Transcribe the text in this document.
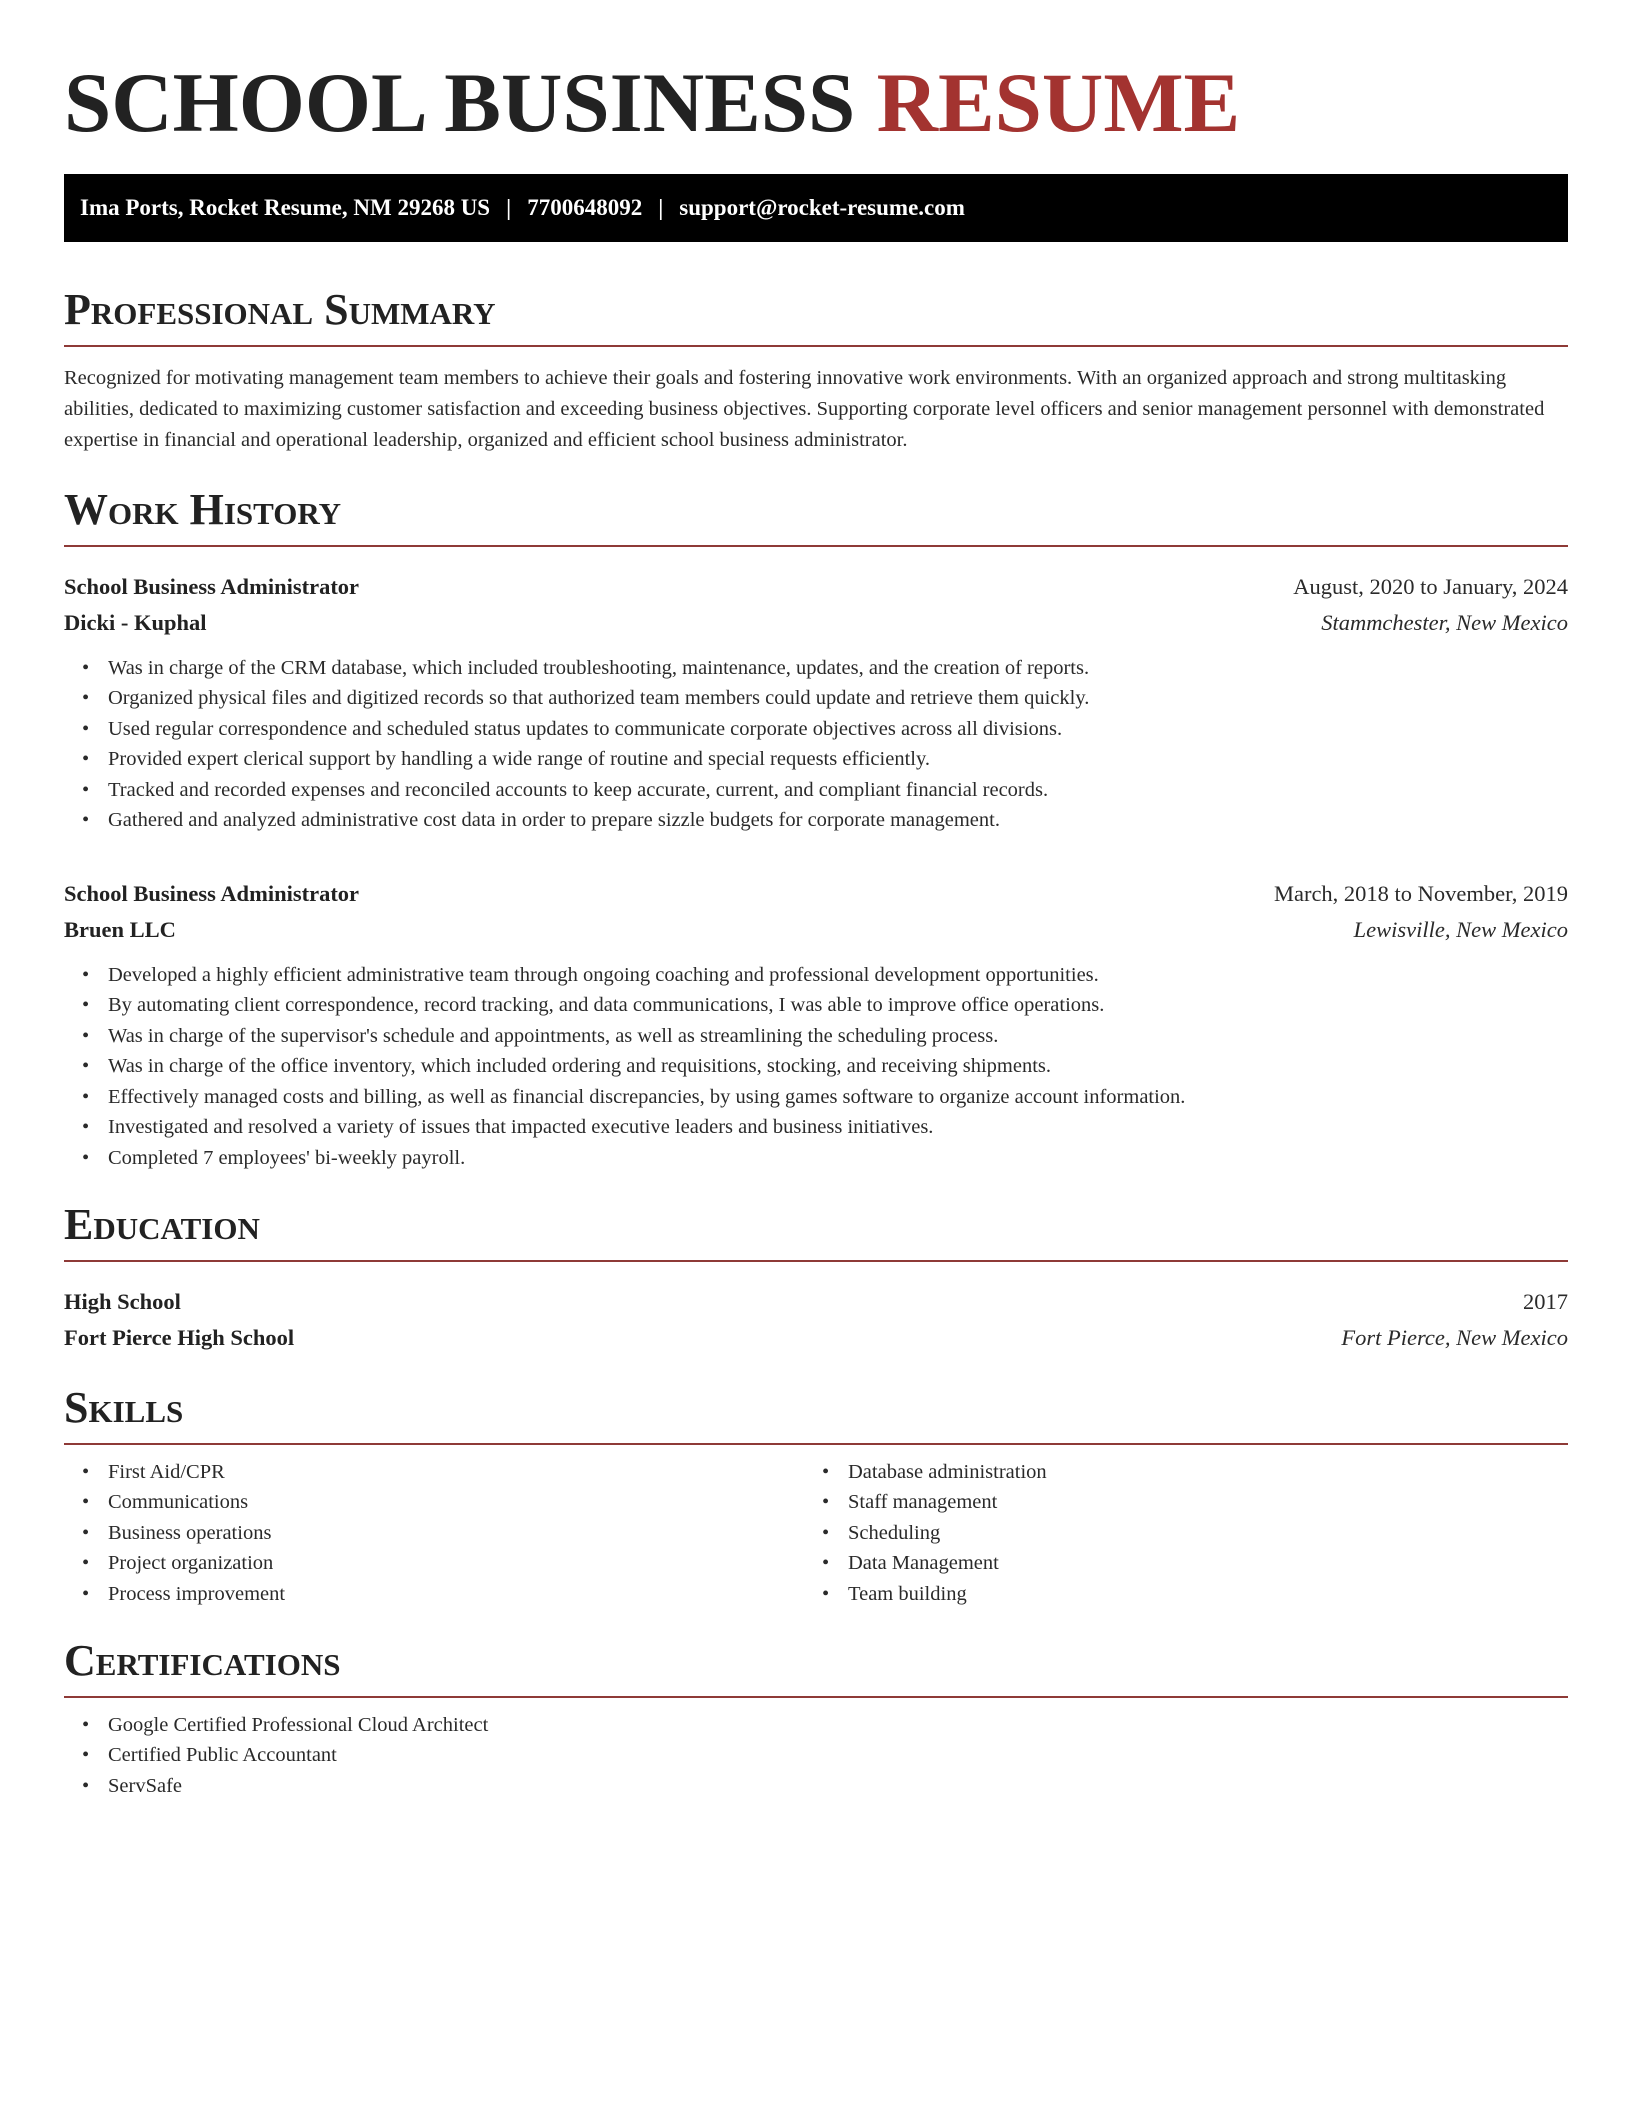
SCHOOL BUSINESS RESUME
Ima Ports, Rocket Resume, NM 29268 US | 7700648092 | support@rocket-resume.com
Professional Summary

Recognized for motivating management team members to achieve their goals and fostering innovative work environments. With an organized approach and strong multitasking abilities, dedicated to maximizing customer satisfaction and exceeding business objectives. Supporting corporate level officers and senior management personnel with demonstrated expertise in financial and operational leadership, organized and efficient school business administrator.

Work History
School Business Administrator	August, 2020 to January, 2024
Dicki - Kuphal	Stammchester, New Mexico
• Was in charge of the CRM database, which included troubleshooting, maintenance, updates, and the creation of reports.
• Organized physical files and digitized records so that authorized team members could update and retrieve them quickly.
• Used regular correspondence and scheduled status updates to communicate corporate objectives across all divisions.
• Provided expert clerical support by handling a wide range of routine and special requests efficiently.
• Tracked and recorded expenses and reconciled accounts to keep accurate, current, and compliant financial records.
• Gathered and analyzed administrative cost data in order to prepare sizzle budgets for corporate management.
School Business Administrator	March, 2018 to November, 2019
Bruen LLC	Lewisville, New Mexico
• Developed a highly efficient administrative team through ongoing coaching and professional development opportunities.
• By automating client correspondence, record tracking, and data communications, I was able to improve office operations.
• Was in charge of the supervisor's schedule and appointments, as well as streamlining the scheduling process.
• Was in charge of the office inventory, which included ordering and requisitions, stocking, and receiving shipments.
• Effectively managed costs and billing, as well as financial discrepancies, by using games software to organize account information.
• Investigated and resolved a variety of issues that impacted executive leaders and business initiatives.
• Completed 7 employees' bi-weekly payroll.
Education
High School	2017
Fort Pierce High School	Fort Pierce, New Mexico
Skills
• First Aid/CPR
• Communications
• Business operations
• Project organization
• Process improvement
• Database administration
• Staff management
• Scheduling
• Data Management
• Team building
Certifications
• Google Certified Professional Cloud Architect
• Certified Public Accountant
• ServSafe
